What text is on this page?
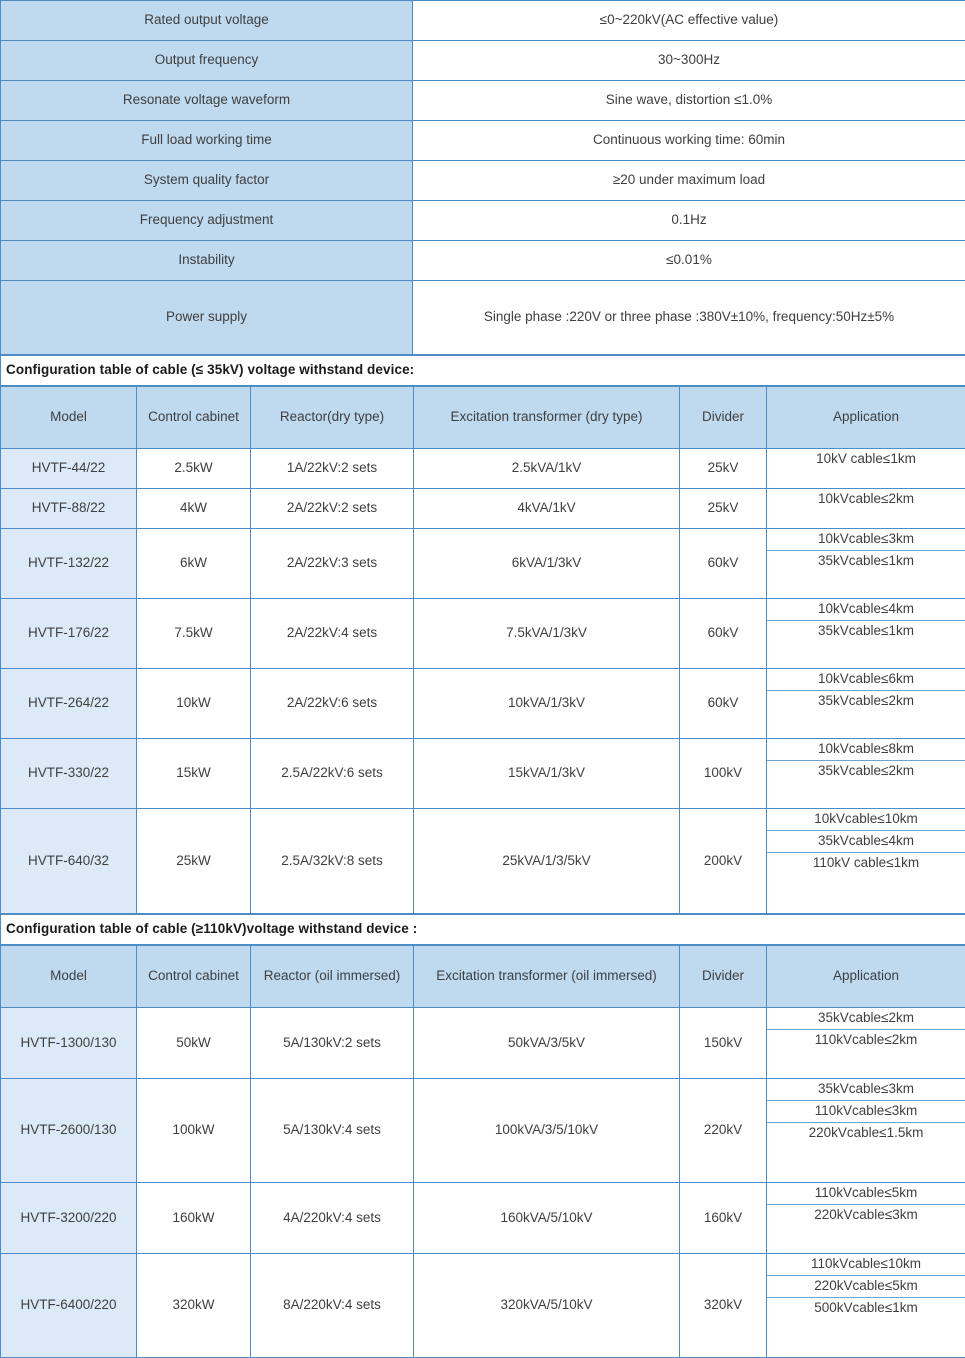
Rated output voltage	≤0~220kV(AC effective value)
Output frequency	30~300Hz
Resonate voltage waveform	Sine wave, distortion ≤1.0%
Full load working time	Continuous working time: 60min
System quality factor	≥20 under maximum load
Frequency adjustment	0.1Hz
Instability	≤0.01%
Power supply	Single phase :220V or three phase :380V±10%, frequency:50Hz±5%
Configuration table of cable (≤ 35kV) voltage withstand device:
Model	Control cabinet	Reactor(dry type)	Excitation transformer (dry type)	Divider	Application
HVTF-44/22	2.5kW	1A/22kV:2 sets	2.5kVA/1kV	25kV	
10kV cable≤1km

HVTF-88/22	4kW	2A/22kV:2 sets	4kVA/1kV	25kV	
10kVcable≤2km

HVTF-132/22	6kW	2A/22kV:3 sets	6kVA/1/3kV	60kV	
10kVcable≤3km
35kVcable≤1km

HVTF-176/22	7.5kW	2A/22kV:4 sets	7.5kVA/1/3kV	60kV	
10kVcable≤4km
35kVcable≤1km

HVTF-264/22	10kW	2A/22kV:6 sets	10kVA/1/3kV	60kV	
10kVcable≤6km
35kVcable≤2km

HVTF-330/22	15kW	2.5A/22kV:6 sets	15kVA/1/3kV	100kV	
10kVcable≤8km
35kVcable≤2km

HVTF-640/32	25kW	2.5A/32kV:8 sets	25kVA/1/3/5kV	200kV	
10kVcable≤10km
35kVcable≤4km
110kV cable≤1km
Configuration table of cable (≥110kV)voltage withstand device :
Model	Control cabinet	Reactor (oil immersed)	Excitation transformer (oil immersed)	Divider	Application
HVTF-1300/130	50kW	5A/130kV:2 sets	50kVA/3/5kV	150kV	
35kVcable≤2km
110kVcable≤2km

HVTF-2600/130	100kW	5A/130kV:4 sets	100kVA/3/5/10kV	220kV	
35kVcable≤3km
110kVcable≤3km
220kVcable≤1.5km

HVTF-3200/220	160kW	4A/220kV:4 sets	160kVA/5/10kV	160kV	
110kVcable≤5km
220kVcable≤3km

HVTF-6400/220	320kW	8A/220kV:4 sets	320kVA/5/10kV	320kV	
110kVcable≤10km
220kVcable≤5km
500kVcable≤1km
